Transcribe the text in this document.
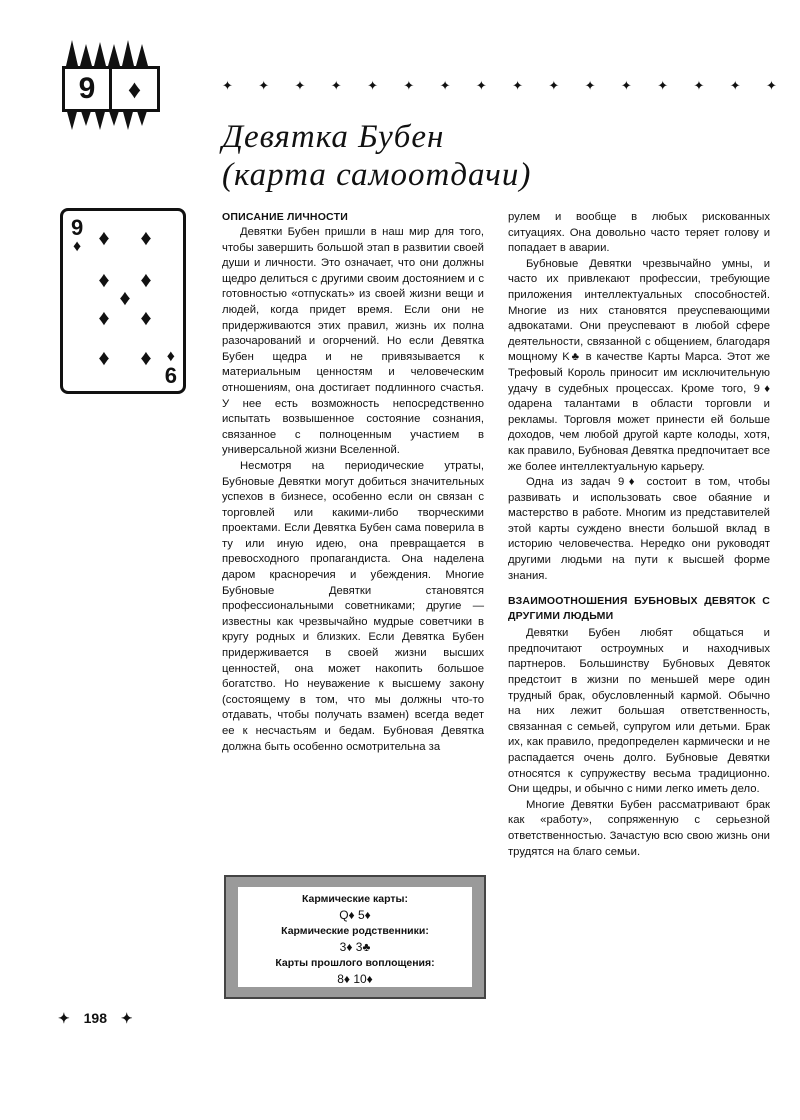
9	♦	✦ ✦ ✦ ✦ ✦ ✦ ✦ ✦ ✦ ✦ ✦ ✦ ✦ ✦ ✦ ✦
Девятка Бубен
(карта самоотдачи)
9
♦
♦
6
♦ ♦
♦ ♦
♦
♦ ♦
♦ ♦
ОПИСАНИЕ ЛИЧНОСТИ

Девятки Бубен пришли в наш мир для того, чтобы завершить большой этап в развитии своей души и личности. Это означает, что они должны щедро делиться с другими своим достоянием и с готовностью «отпускать» из своей жизни вещи и людей, когда придет время. Если они не придерживаются этих правил, жизнь их полна разочарований и огорчений. Но если Девятка Бубен щедра и не привязывается к материальным ценностям и человеческим отношениям, она достигает подлинного счастья. У нее есть возможность непосредственно испытать возвышенное состояние сознания, связанное с полноценным участием в универсальной жизни Вселенной.

Несмотря на периодические утраты, Бубновые Девятки могут добиться значительных успехов в бизнесе, особенно если он связан с торговлей или какими-либо творческими проектами. Если Девятка Бубен сама поверила в ту или иную идею, она превращается в превосходного пропагандиста. Она наделена даром красноречия и убеждения. Многие Бубновые Девятки становятся профессиональными советниками; другие — известны как чрезвычайно мудрые советчики в кругу родных и близких. Если Девятка Бубен придерживается в своей жизни высших ценностей, она может накопить большое богатство. Но неуважение к высшему закону (состоящему в том, что мы должны что-то отдавать, чтобы получать взамен) всегда ведет ее к несчастьям и бедам. Бубновая Девятка должна быть особенно осмотрительна за

рулем и вообще в любых рискованных ситуациях. Она довольно часто теряет голову и попадает в аварии.

Бубновые Девятки чрезвычайно умны, и часто их привлекают профессии, требующие приложения интеллектуальных способностей. Многие из них становятся преуспевающими адвокатами. Они преуспевают в любой сфере деятельности, связанной с общением, благодаря мощному K♣ в качестве Карты Марса. Этот же Трефовый Король приносит им исключительную удачу в судебных процессах. Кроме того, 9♦ одарена талантами в области торговли и рекламы. Торговля может принести ей больше доходов, чем любой другой карте колоды, хотя, как правило, Бубновая Девятка предпочитает все же более интеллектуальную карьеру.

Одна из задач 9♦ состоит в том, чтобы развивать и использовать свое обаяние и мастерство в работе. Многим из представителей этой карты суждено внести большой вклад в историю человечества. Нередко они руководят другими людьми на пути к высшей форме знания.

ВЗАИМООТНОШЕНИЯ БУБНОВЫХ ДЕВЯТОК С ДРУГИМИ ЛЮДЬМИ

Девятки Бубен любят общаться и предпочитают остроумных и находчивых партнеров. Большинству Бубновых Девяток предстоит в жизни по меньшей мере один трудный брак, обусловленный кармой. Обычно на них лежит большая ответственность, связанная с семьей, супругом или детьми. Брак их, как правило, предопределен кармически и не распадается очень долго. Бубновые Девятки относятся к супружеству весьма традиционно. Они щедры, и обычно с ними легко иметь дело.

Многие Девятки Бубен рассматривают брак как «работу», сопряженную с серьезной ответственностью. Зачастую всю свою жизнь они трудятся на благо семьи.

Кармические карты:
Q♦ 5♦
Кармические родственники:
3♦ 3♣
Карты прошлого воплощения:
8♦ 10♦
✦ 198 ✦
